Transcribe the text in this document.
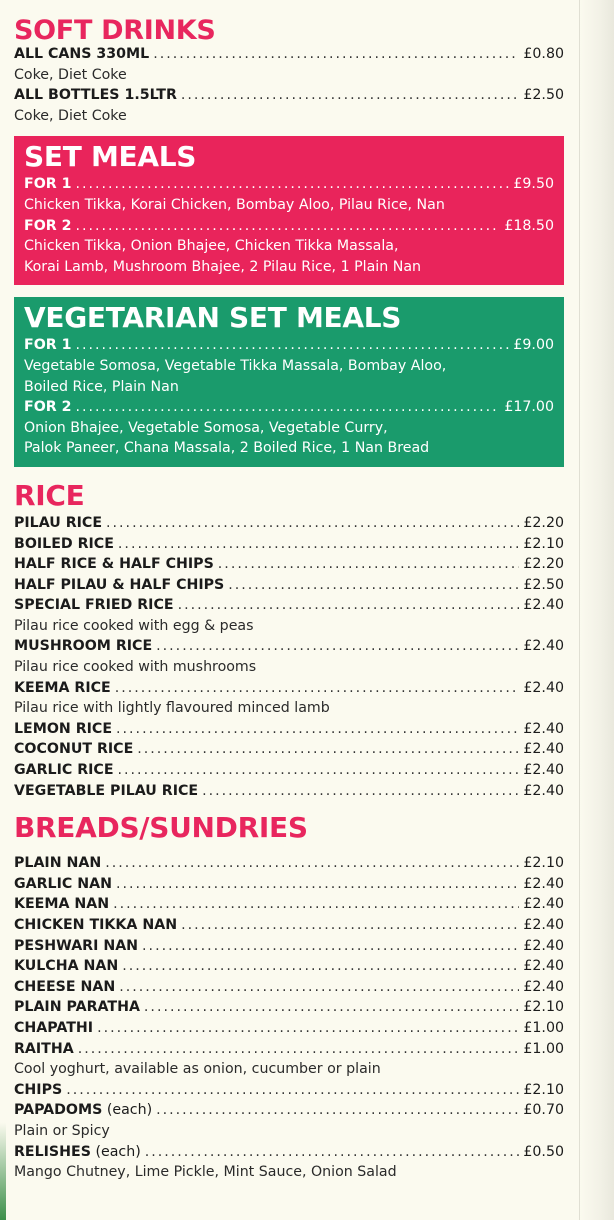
SOFT DRINKS
ALL CANS 330ML .....	£0.80
Coke, Diet Coke
ALL BOTTLES 1.5LTR .....	£2.50
Coke, Diet Coke
SET MEALS
FOR 1 .....	£9.50
Chicken Tikka, Korai Chicken, Bombay Aloo, Pilau Rice, Nan
FOR 2 .....	£18.50
Chicken Tikka, Onion Bhajee, Chicken Tikka Massala,
Korai Lamb, Mushroom Bhajee, 2 Pilau Rice, 1 Plain Nan
VEGETARIAN SET MEALS
FOR 1 .....	£9.00
Vegetable Somosa, Vegetable Tikka Massala, Bombay Aloo,
Boiled Rice, Plain Nan
FOR 2 .....	£17.00
Onion Bhajee, Vegetable Somosa, Vegetable Curry,
Palok Paneer, Chana Massala, 2 Boiled Rice, 1 Nan Bread
RICE
PILAU RICE .....	£2.20
BOILED RICE .....	£2.10
HALF RICE & HALF CHIPS .....	£2.20
HALF PILAU & HALF CHIPS .....	£2.50
SPECIAL FRIED RICE .....	£2.40
Pilau rice cooked with egg & peas
MUSHROOM RICE .....	£2.40
Pilau rice cooked with mushrooms
KEEMA RICE .....	£2.40
Pilau rice with lightly flavoured minced lamb
LEMON RICE .....	£2.40
COCONUT RICE .....	£2.40
GARLIC RICE .....	£2.40
VEGETABLE PILAU RICE .....	£2.40
BREADS/SUNDRIES
PLAIN NAN .....	£2.10
GARLIC NAN .....	£2.40
KEEMA NAN .....	£2.40
CHICKEN TIKKA NAN .....	£2.40
PESHWARI NAN .....	£2.40
KULCHA NAN .....	£2.40
CHEESE NAN .....	£2.40
PLAIN PARATHA .....	£2.10
CHAPATHI .....	£1.00
RAITHA .....	£1.00
Cool yoghurt, available as onion, cucumber or plain
CHIPS .....	£2.10
PAPADOMS (each) .....	£0.70
Plain or Spicy
RELISHES (each) .....	£0.50
Mango Chutney, Lime Pickle, Mint Sauce, Onion Salad
